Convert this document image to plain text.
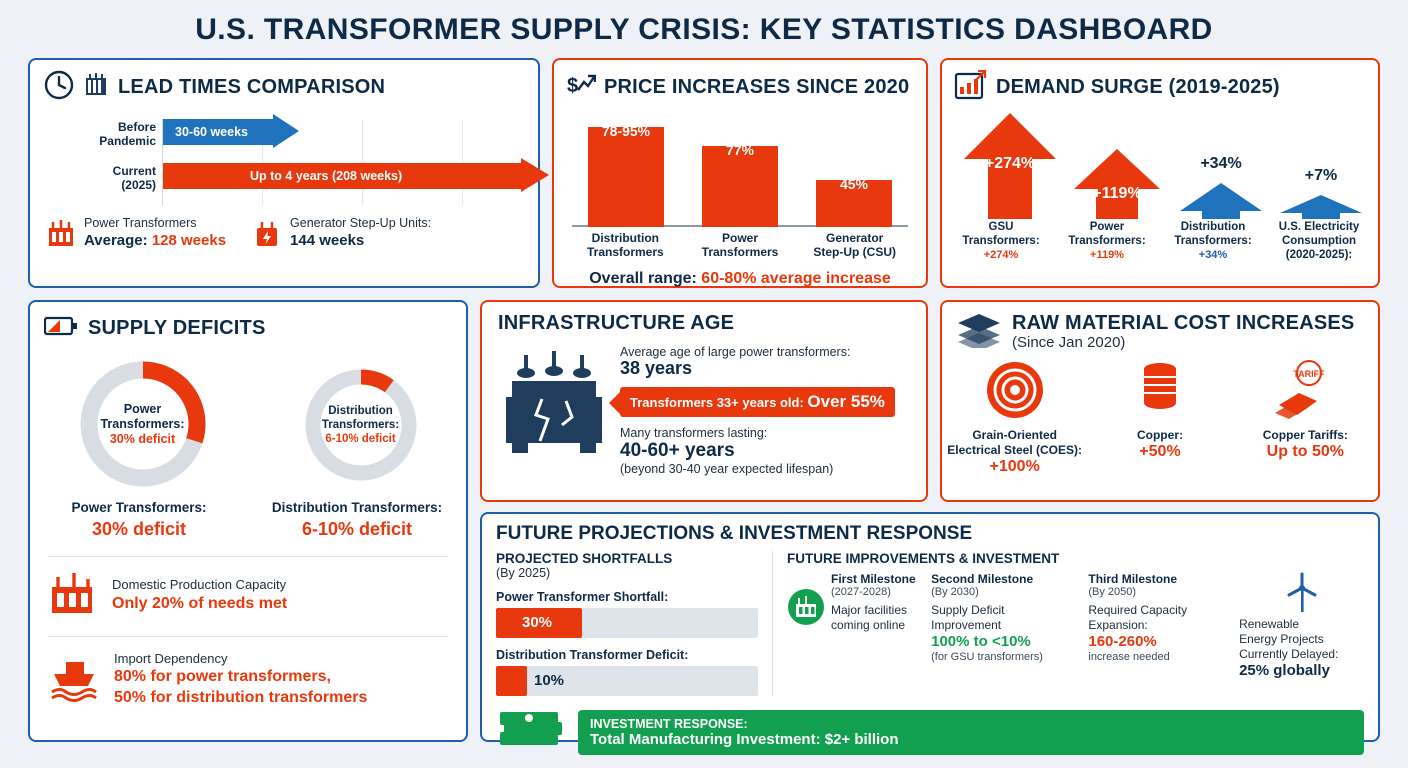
U.S. TRANSFORMER SUPPLY CRISIS: KEY STATISTICS DASHBOARD
LEAD TIMES COMPARISON
Before
Pandemic
30-60 weeks
Current
(2025)
Up to 4 years (208 weeks)
Power Transformers
Average: 128 weeks
Generator Step-Up Units:
144 weeks
$ PRICE INCREASES SINCE 2020
78-95%
77%
45%
Distribution
Transformers
Power
Transformers
Generator
Step-Up (CSU)
Overall range: 60-80% average increase
DEMAND SURGE (2019-2025)
+274%
+119%
+34%
+7%
GSU
Transformers:
+274%
Power
Transformers:
+119%
Distribution
Transformers:
+34%
U.S. Electricity
Consumption
(2020-2025):
SUPPLY DEFICITS
Power
Transformers:
30% deficit
Distribution
Transformers:
6-10% deficit
Power Transformers:
30% deficit
Distribution Transformers:
6-10% deficit
Domestic Production Capacity
Only 20% of needs met
Import Dependency
80% for power transformers,
50% for distribution transformers
INFRASTRUCTURE AGE
Average age of large power transformers:
38 years
Transformers 33+ years old: Over 55%
Many transformers lasting:
40-60+ years
(beyond 30-40 year expected lifespan)
RAW MATERIAL COST INCREASES
(Since Jan 2020)
Grain-Oriented
Electrical Steel (COES):
+100%
Copper:
+50%
TARIFF
Copper Tariffs:
Up to 50%
FUTURE PROJECTIONS & INVESTMENT RESPONSE
PROJECTED SHORTFALLS
(By 2025)
Power Transformer Shortfall:
30%
Distribution Transformer Deficit:
10%
FUTURE IMPROVEMENTS & INVESTMENT
First Milestone
(2027-2028)
Major facilities
coming online
Second Milestone
(By 2030)
Supply Deficit
Improvement
100% to <10%
(for GSU transformers)
Third Milestone
(By 2050)
Required Capacity
Expansion:
160-260%
increase needed
Renewable
Energy Projects
Currently Delayed:
25% globally
INVESTMENT RESPONSE:
Total Manufacturing Investment: $2+ billion
